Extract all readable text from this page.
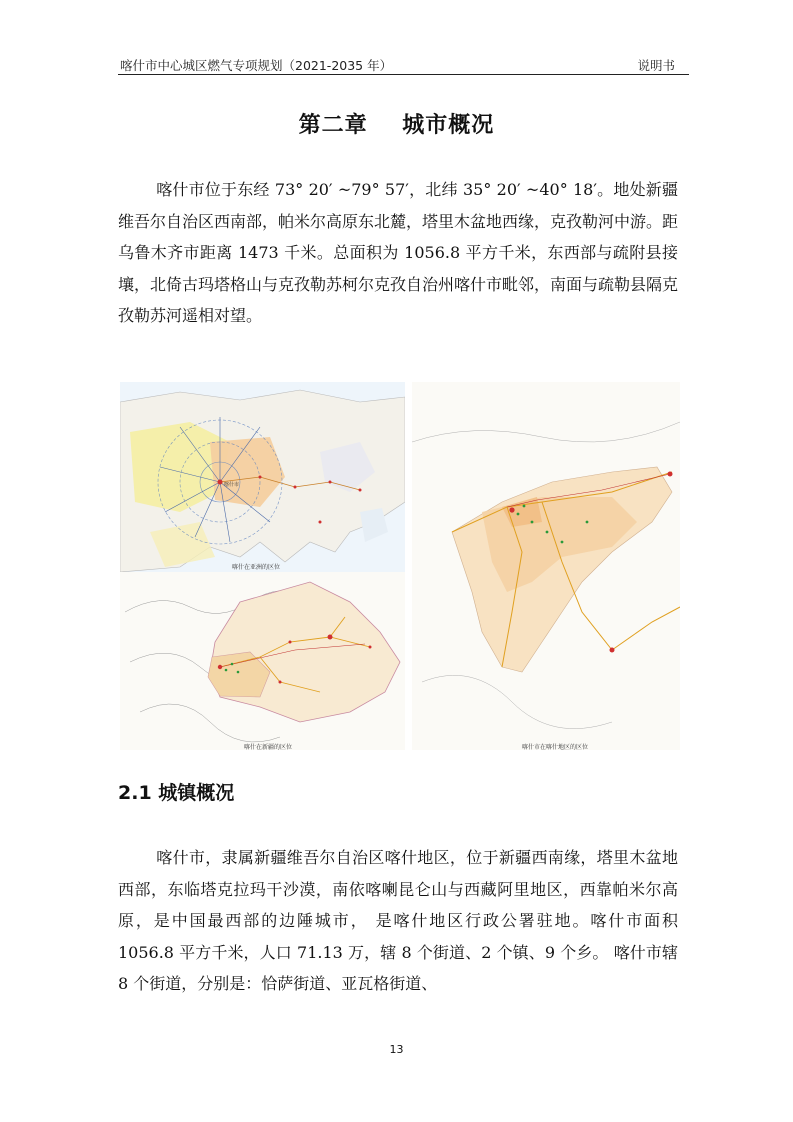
喀什市中心城区燃气专项规划（2021-2035 年）	说明书
第二章    城市概况

喀什市位于东经 73° 20′ ~79° 57′，北纬 35° 20′ ~40° 18′。地处新疆维吾尔自治区西南部，帕米尔高原东北麓，塔里木盆地西缘，克孜勒河中游。距乌鲁木齐市距离 1473 千米。总面积为 1056.8 平方千米，东西部与疏附县接壤，北倚古玛塔格山与克孜勒苏柯尔克孜自治州喀什市毗邻，南面与疏勒县隔克孜勒苏河遥相对望。

喀什市
喀什在亚洲的区位
喀什在新疆的区位	喀什市在喀什地区的区位
2.1 城镇概况

喀什市，隶属新疆维吾尔自治区喀什地区，位于新疆西南缘，塔里木盆地西部，东临塔克拉玛干沙漠，南依喀喇昆仑山与西藏阿里地区，西靠帕米尔高原，是中国最西部的边陲城市， 是喀什地区行政公署驻地。喀什市面积 1056.8 平方千米，人口 71.13 万，辖 8 个街道、2 个镇、9 个乡。 喀什市辖 8 个街道，分别是：恰萨街道、亚瓦格街道、

13
